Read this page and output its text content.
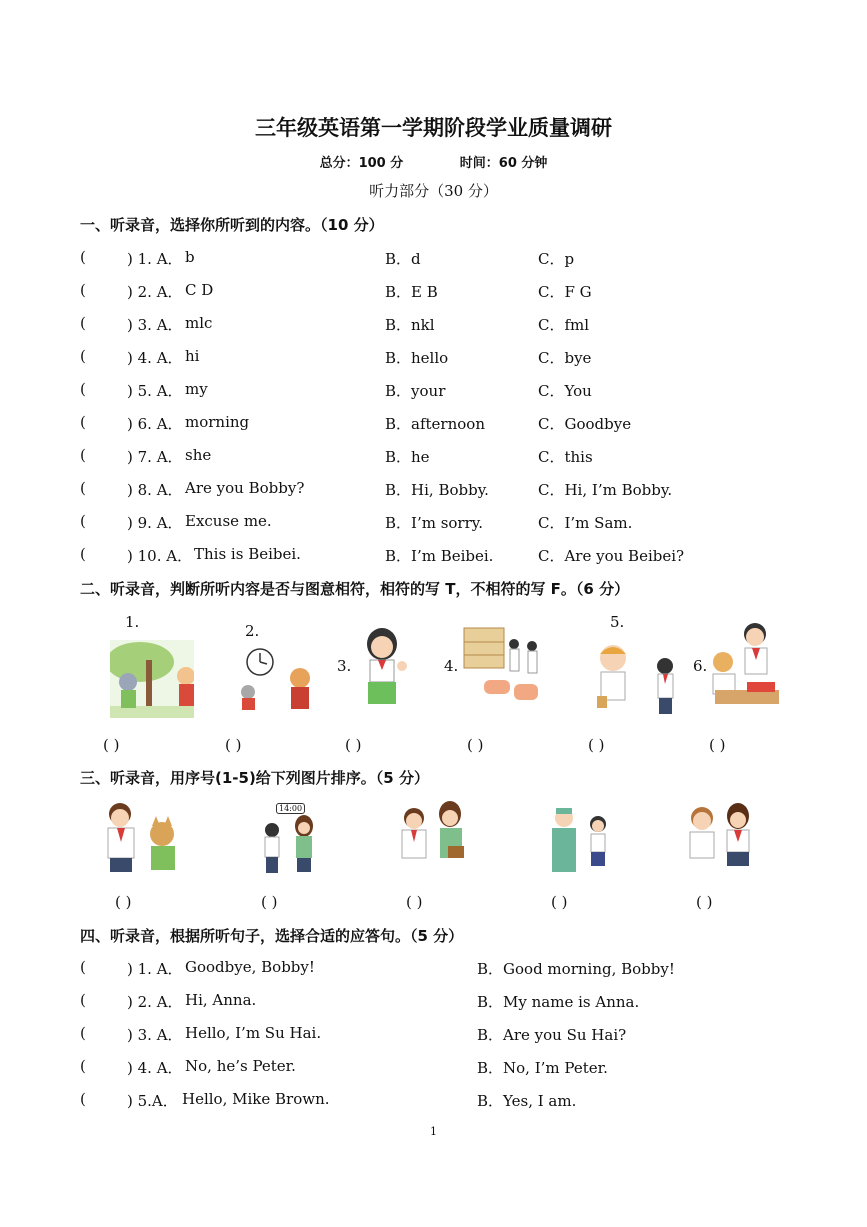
三年级英语第一学期阶段学业质量调研
总分：100 分	时间：60 分钟
听力部分（30 分）
一、听录音，选择你所听到的内容。（10 分）
(	) 1. A． b	B．d	C．p
(	) 2. A． C D	B．E B	C．F G
(	) 3. A． mlc	B．nkl	C．fml
(	) 4. A． hi	B．hello	C．bye
(	) 5. A． my	B．your	C．You
(	) 6. A． morning	B．afternoon	C．Goodbye
(	) 7. A． she	B．he	C．this
(	) 8. A． Are you Bobby?	B．Hi, Bobby.	C．Hi, I’m Bobby.
(	) 9. A． Excuse me.	B．I’m sorry.	C．I’m Sam.
(	) 10. A． This is Beibei.	B．I’m Beibei.	C．Are you Beibei?
二、听录音，判断所听内容是否与图意相符，相符的写 T，不相符的写 F。（6 分）
1.	2.
3.	4.
5.
6.
( )	( )	( )	( )	( )	( )
三、听录音，用序号(1-5)给下列图片排序。（5 分）
14:00
( )	( )	( )	( )	( )
四、听录音，根据所听句子，选择合适的应答句。（5 分）
(	) 1. A． Goodbye, Bobby!	B．Good morning, Bobby!
(	) 2. A． Hi, Anna.	B．My name is Anna.
(	) 3. A． Hello, I’m Su Hai.	B．Are you Su Hai?
(	) 4. A． No, he’s Peter.	B．No, I’m Peter.
(	) 5.A． Hello, Mike Brown.	B．Yes, I am.
1
